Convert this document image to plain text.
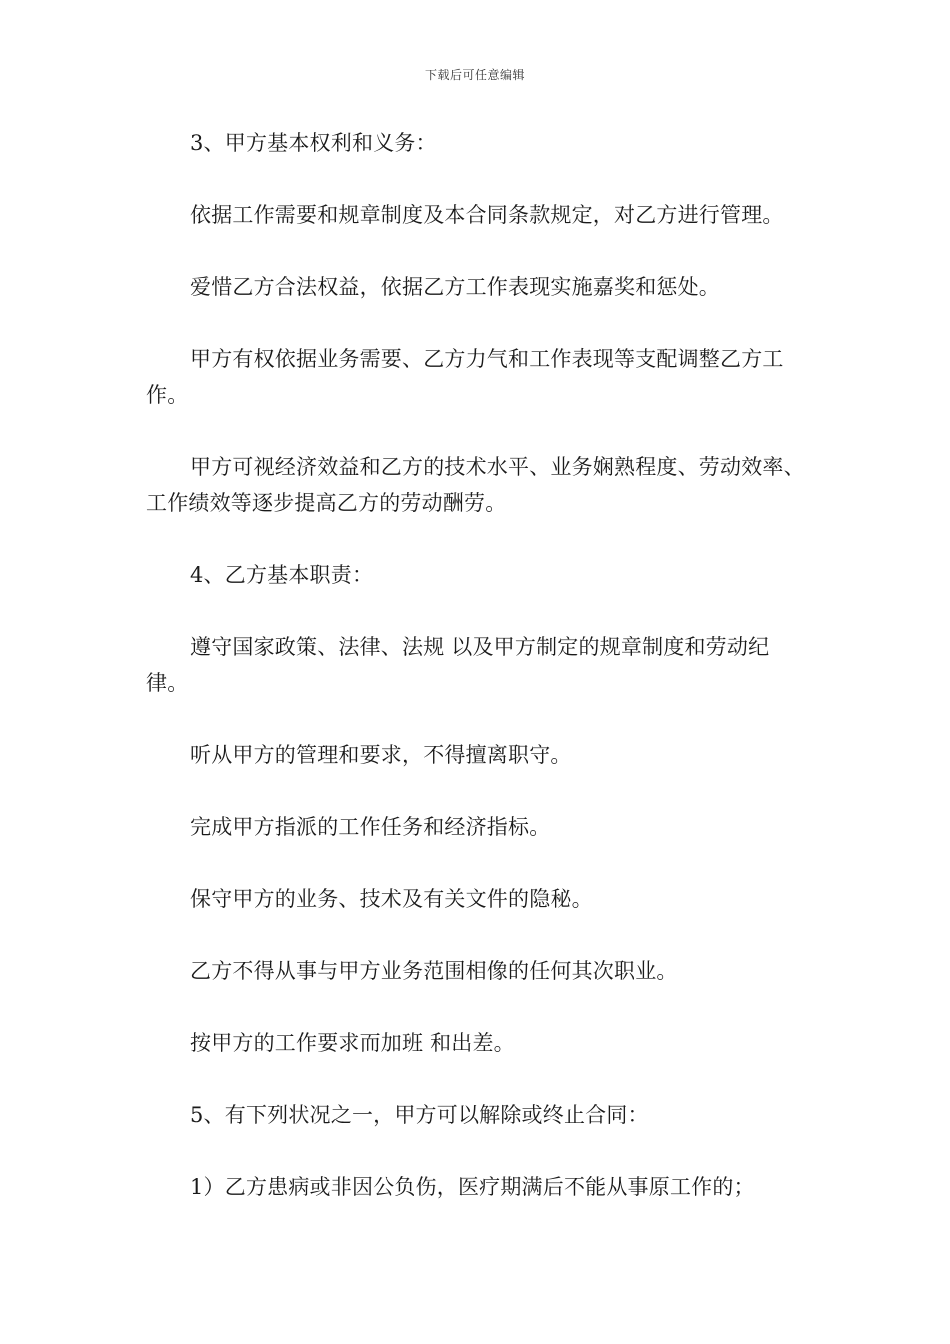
下载后可任意编辑

3、甲方基本权利和义务：

依据工作需要和规章制度及本合同条款规定，对乙方进行管理。

爱惜乙方合法权益，依据乙方工作表现实施嘉奖和惩处。

甲方有权依据业务需要、乙方力气和工作表现等支配调整乙方工作。

甲方可视经济效益和乙方的技术水平、业务娴熟程度、劳动效率、工作绩效等逐步提高乙方的劳动酬劳。

4、乙方基本职责：

遵守国家政策、法律、法规 以及甲方制定的规章制度和劳动纪律。

听从甲方的管理和要求，不得擅离职守。

完成甲方指派的工作任务和经济指标。

保守甲方的业务、技术及有关文件的隐秘。

乙方不得从事与甲方业务范围相像的任何其次职业。

按甲方的工作要求而加班 和出差。

5、有下列状况之一，甲方可以解除或终止合同：

1）乙方患病或非因公负伤，医疗期满后不能从事原工作的；
